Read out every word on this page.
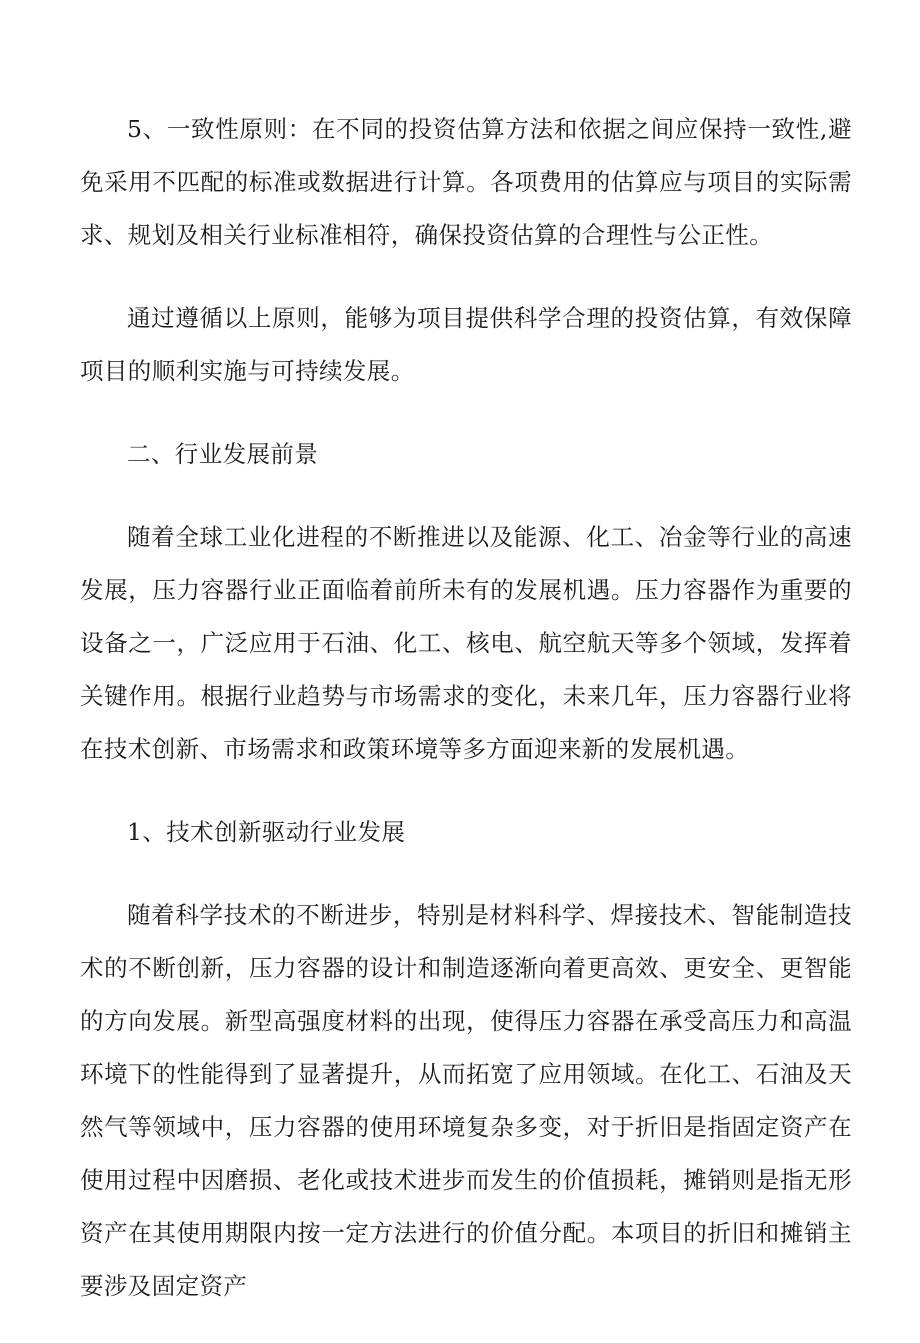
5、一致性原则：在不同的投资估算方法和依据之间应保持一致性,避免采用不匹配的标准或数据进行计算。各项费用的估算应与项目的实际需求、规划及相关行业标准相符，确保投资估算的合理性与公正性。

通过遵循以上原则，能够为项目提供科学合理的投资估算，有效保障项目的顺利实施与可持续发展。

二、行业发展前景

随着全球工业化进程的不断推进以及能源、化工、冶金等行业的高速发展，压力容器行业正面临着前所未有的发展机遇。压力容器作为重要的设备之一，广泛应用于石油、化工、核电、航空航天等多个领域，发挥着关键作用。根据行业趋势与市场需求的变化，未来几年，压力容器行业将在技术创新、市场需求和政策环境等多方面迎来新的发展机遇。

1、技术创新驱动行业发展

随着科学技术的不断进步，特别是材料科学、焊接技术、智能制造技术的不断创新，压力容器的设计和制造逐渐向着更高效、更安全、更智能的方向发展。新型高强度材料的出现，使得压力容器在承受高压力和高温环境下的性能得到了显著提升，从而拓宽了应用领域。在化工、石油及天然气等领域中，压力容器的使用环境复杂多变，对于折旧是指固定资产在使用过程中因磨损、老化或技术进步而发生的价值损耗，摊销则是指无形资产在其使用期限内按一定方法进行的价值分配。本项目的折旧和摊销主要涉及固定资产
